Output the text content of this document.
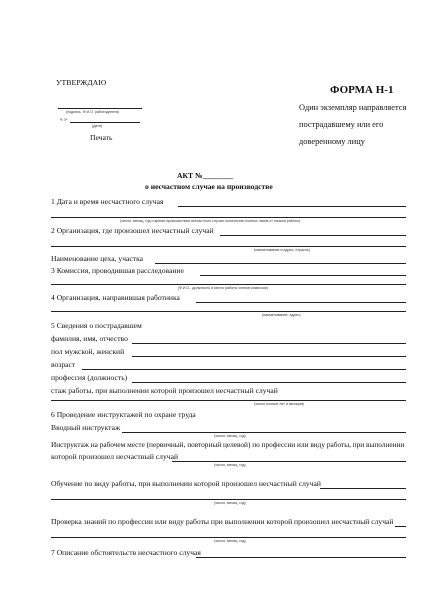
УТВЕРЖДАЮ
(подпись, Ф.И.О. работодателя)
« »
(дата)
Печать
ФОРМА Н-1
Один экземпляр направляется
пострадавшему или его
доверенному лицу
АКТ №________
о несчастном случае на производстве
1 Дата и время несчастного случая
(число, месяц, год и время происшествия несчастного случая, количество полных часов от начала работы)
2 Организация, где произошел несчастный случай
(наименование и адрес, отрасль)
Наименование цеха, участка
3 Комиссия, проводившая расследование
(Ф.И.О., должность и место работы членов комиссии)
4 Организация, направившая работника
(наименование, адрес)
5 Сведения о пострадавшем
фамилия, имя, отчество
пол мужской, женский
возраст
профессия (должность)
стаж работы, при выполнении которой произошел несчастный случай
(число полных лет и месяцев)
6 Проведение инструктажей по охране труда
Вводный инструктаж
(число, месяц, год)
Инструктаж на рабочем месте (первичный, повторный целевой) по профессии или виду работы, при выполнении
которой произошел несчастный случай
(число, месяц, год)
Обучение по виду работы, при выполнении которой произошел несчастный случай
(число, месяц, год)
Проверка знаний по профессии или виду работы при выполнении которой произошел несчастный случай
(число, месяц, год)
7 Описание обстоятельств несчастного случая
